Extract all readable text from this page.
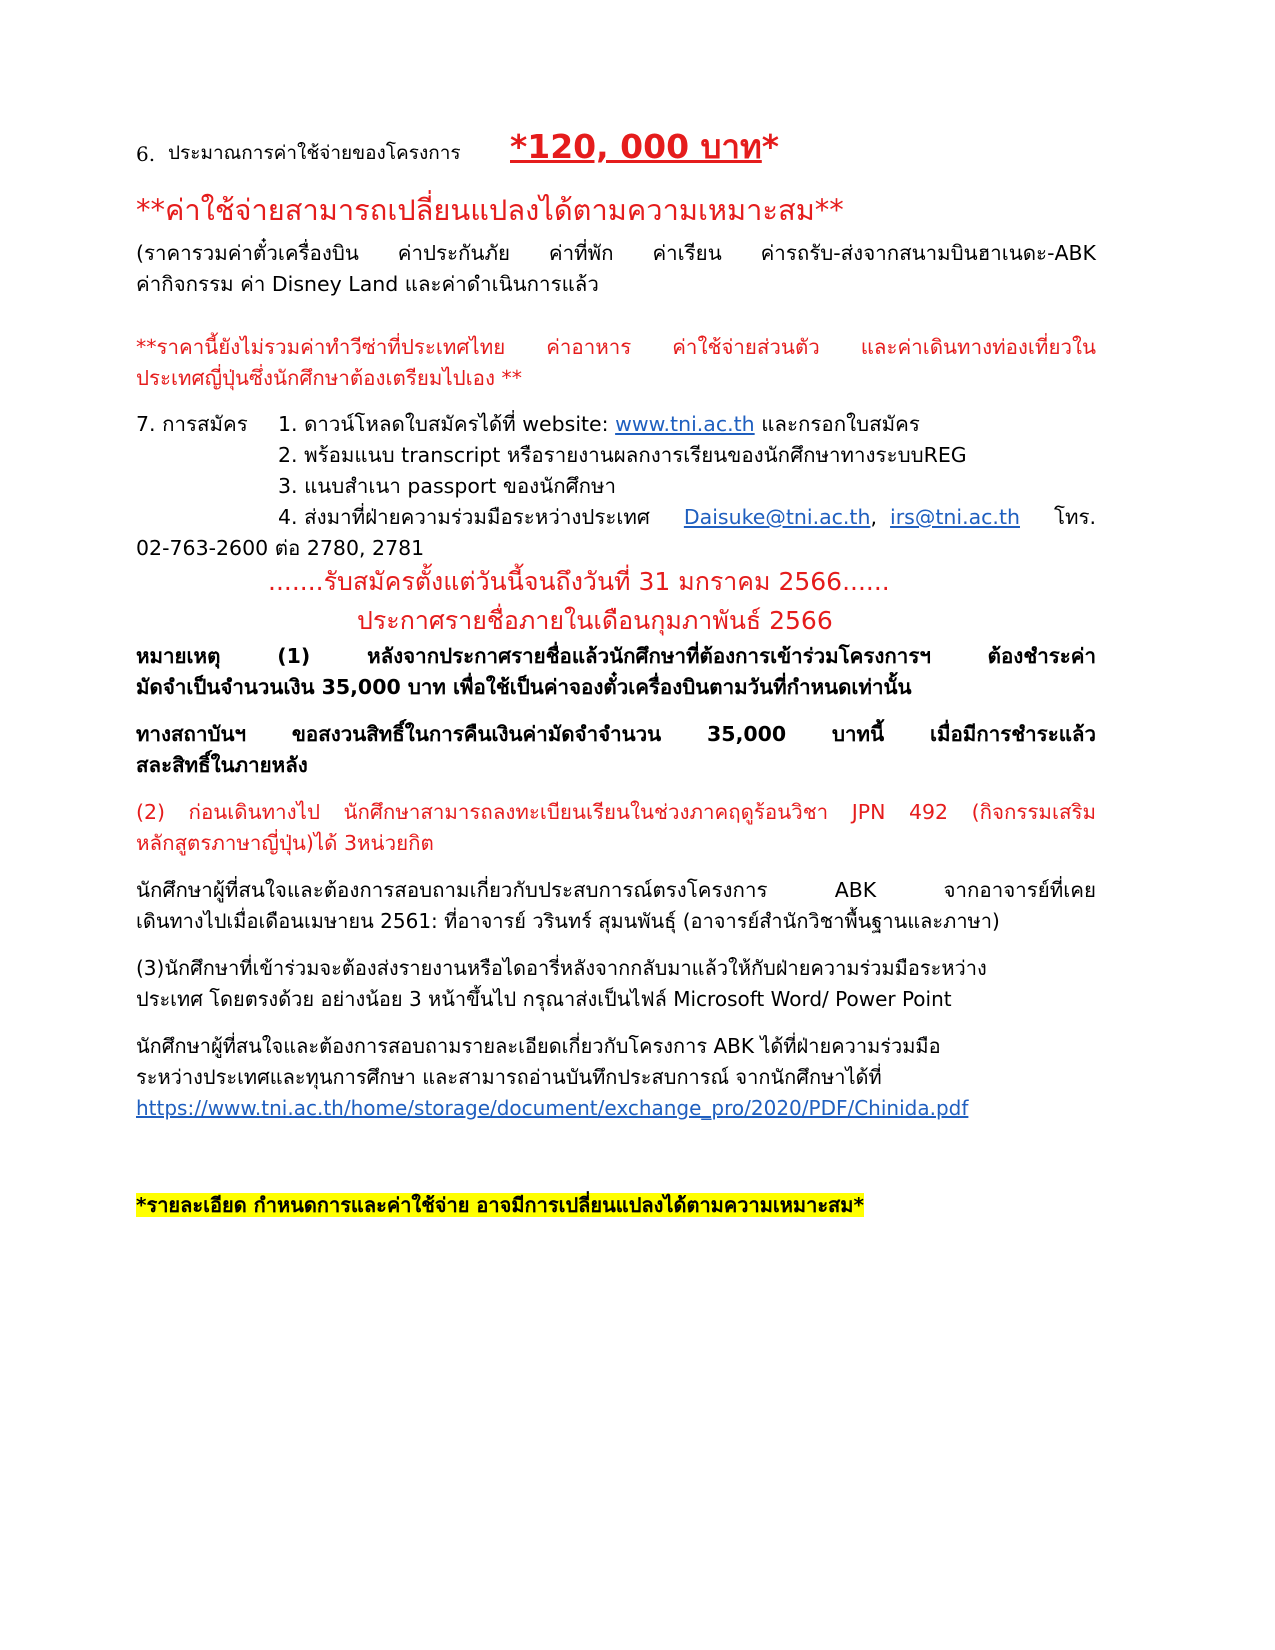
6. ประมาณการค่าใช้จ่ายของโครงการ *120, 000 บาท*
**ค่าใช้จ่ายสามารถเปลี่ยนแปลงได้ตามความเหมาะสม**
(ราคารวมค่าตั๋วเครื่องบิน ค่าประกันภัย ค่าที่พัก ค่าเรียน ค่ารถรับ-ส่งจากสนามบินฮาเนดะ-ABK
ค่ากิจกรรม ค่า Disney Land และค่าดำเนินการแล้ว
**ราคานี้ยังไม่รวมค่าทำวีซ่าที่ประเทศไทย ค่าอาหาร ค่าใช้จ่ายส่วนตัว และค่าเดินทางท่องเที่ยวใน
ประเทศญี่ปุ่นซึ่งนักศึกษาต้องเตรียมไปเอง **
7. การสมัคร 1. ดาวน์โหลดใบสมัครได้ที่ website: www.tni.ac.th และกรอกใบสมัคร
2. พร้อมแนบ transcript หรือรายงานผลกงารเรียนของนักศึกษาทางระบบREG
3. แนบสำเนา passport ของนักศึกษา
4. ส่งมาที่ฝ่ายความร่วมมือระหว่างประเทศ Daisuke@tni.ac.th, irs@tni.ac.th โทร.
02-763-2600 ต่อ 2780, 2781
.......รับสมัครตั้งแต่วันนี้จนถึงวันที่ 31 มกราคม 2566......
ประกาศรายชื่อภายในเดือนกุมภาพันธ์ 2566
หมายเหตุ (1) หลังจากประกาศรายชื่อแล้วนักศึกษาที่ต้องการเข้าร่วมโครงการฯ ต้องชำระค่า
มัดจำเป็นจำนวนเงิน 35,000 บาท เพื่อใช้เป็นค่าจองตั๋วเครื่องบินตามวันที่กำหนดเท่านั้น
ทางสถาบันฯ ขอสงวนสิทธิ์ในการคืนเงินค่ามัดจำจำนวน 35,000 บาทนี้ เมื่อมีการชำระแล้ว
สละสิทธิ์ในภายหลัง
(2) ก่อนเดินทางไป นักศึกษาสามารถลงทะเบียนเรียนในช่วงภาคฤดูร้อนวิชา JPN 492 (กิจกรรมเสริม
หลักสูตรภาษาญี่ปุ่น)ได้ 3หน่วยกิต
นักศึกษาผู้ที่สนใจและต้องการสอบถามเกี่ยวกับประสบการณ์ตรงโครงการ ABK จากอาจารย์ที่เคย
เดินทางไปเมื่อเดือนเมษายน 2561: ที่อาจารย์ วรินทร์ สุมนพันธุ์ (อาจารย์สำนักวิชาพื้นฐานและภาษา)
(3)นักศึกษาที่เข้าร่วมจะต้องส่งรายงานหรือไดอารี่หลังจากกลับมาแล้วให้กับฝ่ายความร่วมมือระหว่าง
ประเทศ โดยตรงด้วย อย่างน้อย 3 หน้าขึ้นไป กรุณาส่งเป็นไฟล์ Microsoft Word/ Power Point
นักศึกษาผู้ที่สนใจและต้องการสอบถามรายละเอียดเกี่ยวกับโครงการ ABK ได้ที่ฝ่ายความร่วมมือ
ระหว่างประเทศและทุนการศึกษา และสามารถอ่านบันทึกประสบการณ์ จากนักศึกษาได้ที่
https://www.tni.ac.th/home/storage/document/exchange_pro/2020/PDF/Chinida.pdf
*รายละเอียด กำหนดการและค่าใช้จ่าย อาจมีการเปลี่ยนแปลงได้ตามความเหมาะสม*
